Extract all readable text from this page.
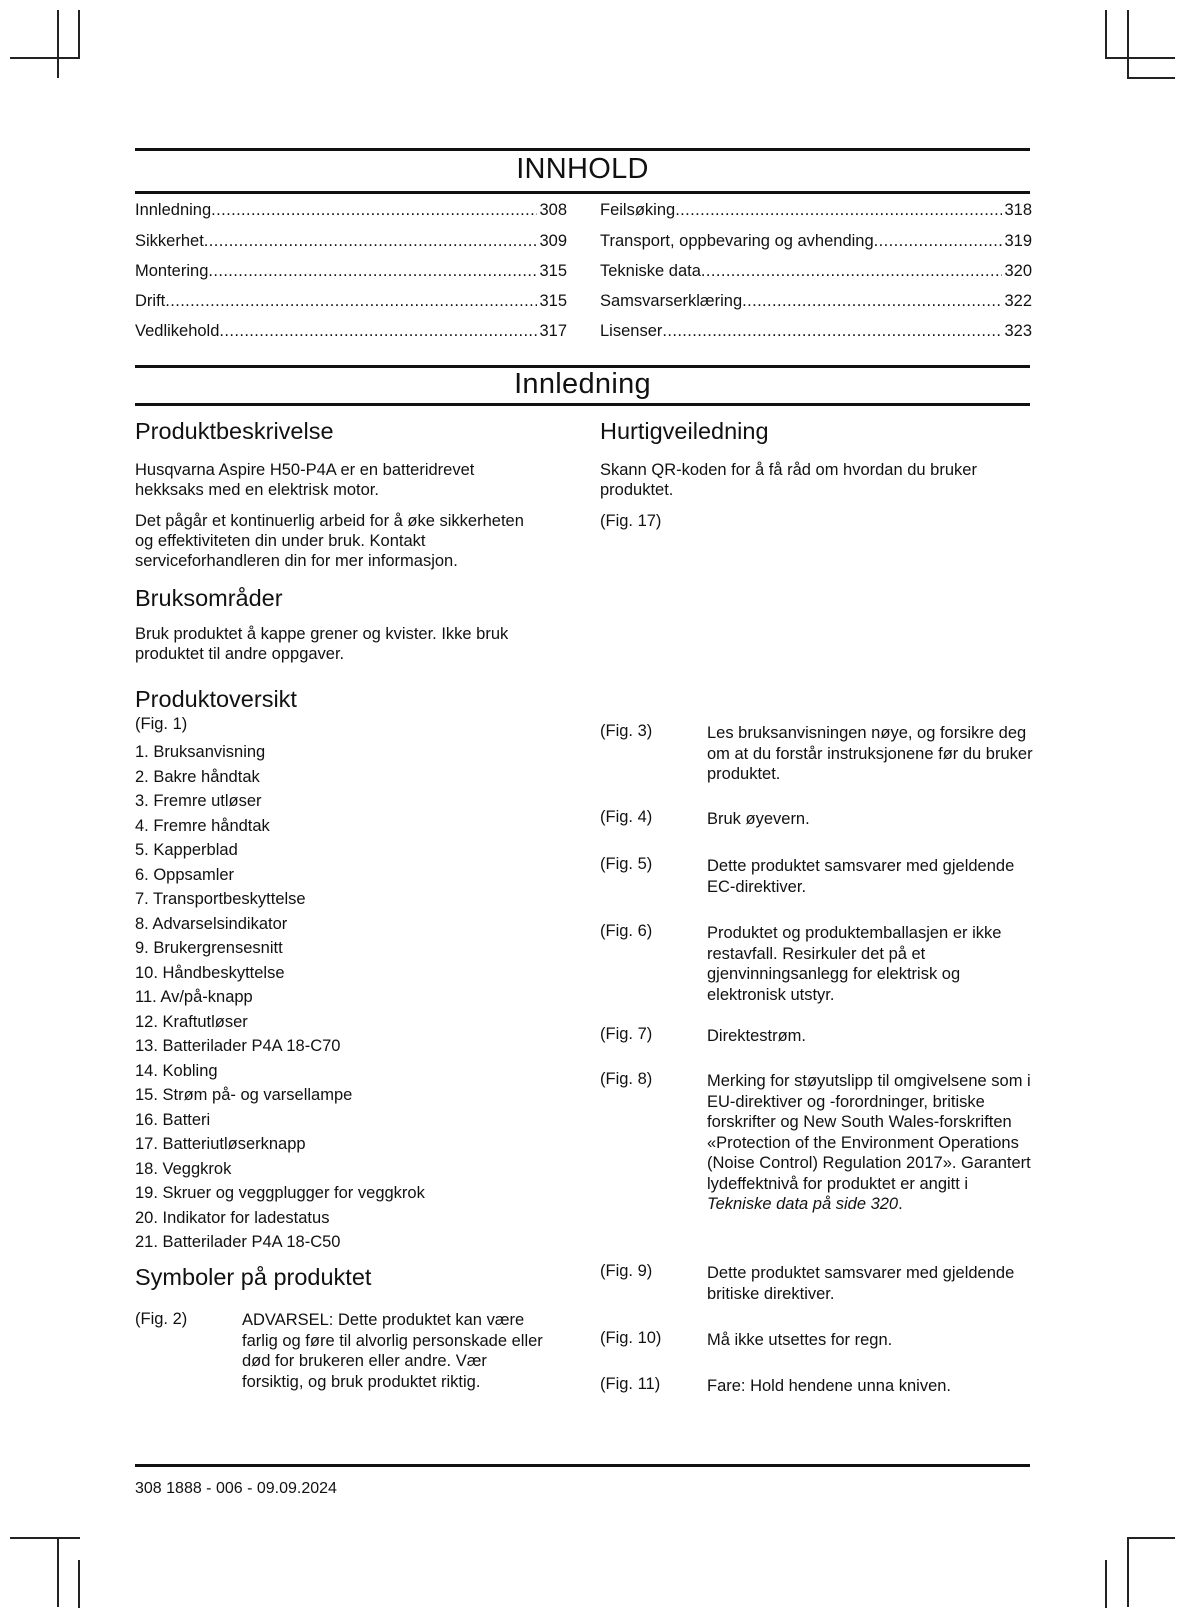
INNHOLD
Innledning .....	308
Sikkerhet .....	309
Montering .....	315
Drift .....	315
Vedlikehold .....	317
Feilsøking .....	318
Transport, oppbevaring og avhending .....	319
Tekniske data .....	320
Samsvarserklæring .....	322
Lisenser .....	323
Innledning
Produktbeskrivelse
Husqvarna Aspire H50-P4A er en batteridrevet hekksaks med en elektrisk motor.
Det pågår et kontinuerlig arbeid for å øke sikkerheten og effektiviteten din under bruk. Kontakt serviceforhandleren din for mer informasjon.
Bruksområder
Bruk produktet å kappe grener og kvister. Ikke bruk produktet til andre oppgaver.
Produktoversikt
(Fig. 1)
1. Bruksanvisning
2. Bakre håndtak
3. Fremre utløser
4. Fremre håndtak
5. Kapperblad
6. Oppsamler
7. Transportbeskyttelse
8. Advarselsindikator
9. Brukergrensesnitt
10. Håndbeskyttelse
11. Av/på-knapp
12. Kraftutløser
13. Batterilader P4A 18-C70
14. Kobling
15. Strøm på- og varsellampe
16. Batteri
17. Batteriutløserknapp
18. Veggkrok
19. Skruer og veggplugger for veggkrok
20. Indikator for ladestatus
21. Batterilader P4A 18-C50
Symboler på produktet
(Fig. 2)	ADVARSEL: Dette produktet kan være farlig og føre til alvorlig personskade eller død for brukeren eller andre. Vær forsiktig, og bruk produktet riktig.
Hurtigveiledning
Skann QR-koden for å få råd om hvordan du bruker produktet.
(Fig. 17)
(Fig. 3)	Les bruksanvisningen nøye, og forsikre deg om at du forstår instruksjonene før du bruker produktet.
(Fig. 4)	Bruk øyevern.
(Fig. 5)	Dette produktet samsvarer med gjeldende EC-direktiver.
(Fig. 6)	Produktet og produktemballasjen er ikke restavfall. Resirkuler det på et gjenvinningsanlegg for elektrisk og elektronisk utstyr.
(Fig. 7)	Direktestrøm.
(Fig. 8)	Merking for støyutslipp til omgivelsene som i EU-direktiver og -forordninger, britiske forskrifter og New South Wales-forskriften «Protection of the Environment Operations (Noise Control) Regulation 2017». Garantert lydeffektnivå for produktet er angitt i Tekniske data på side 320.
(Fig. 9)	Dette produktet samsvarer med gjeldende britiske direktiver.
(Fig. 10)	Må ikke utsettes for regn.
(Fig. 11)	Fare: Hold hendene unna kniven.
308 1888 - 006 - 09.09.2024
